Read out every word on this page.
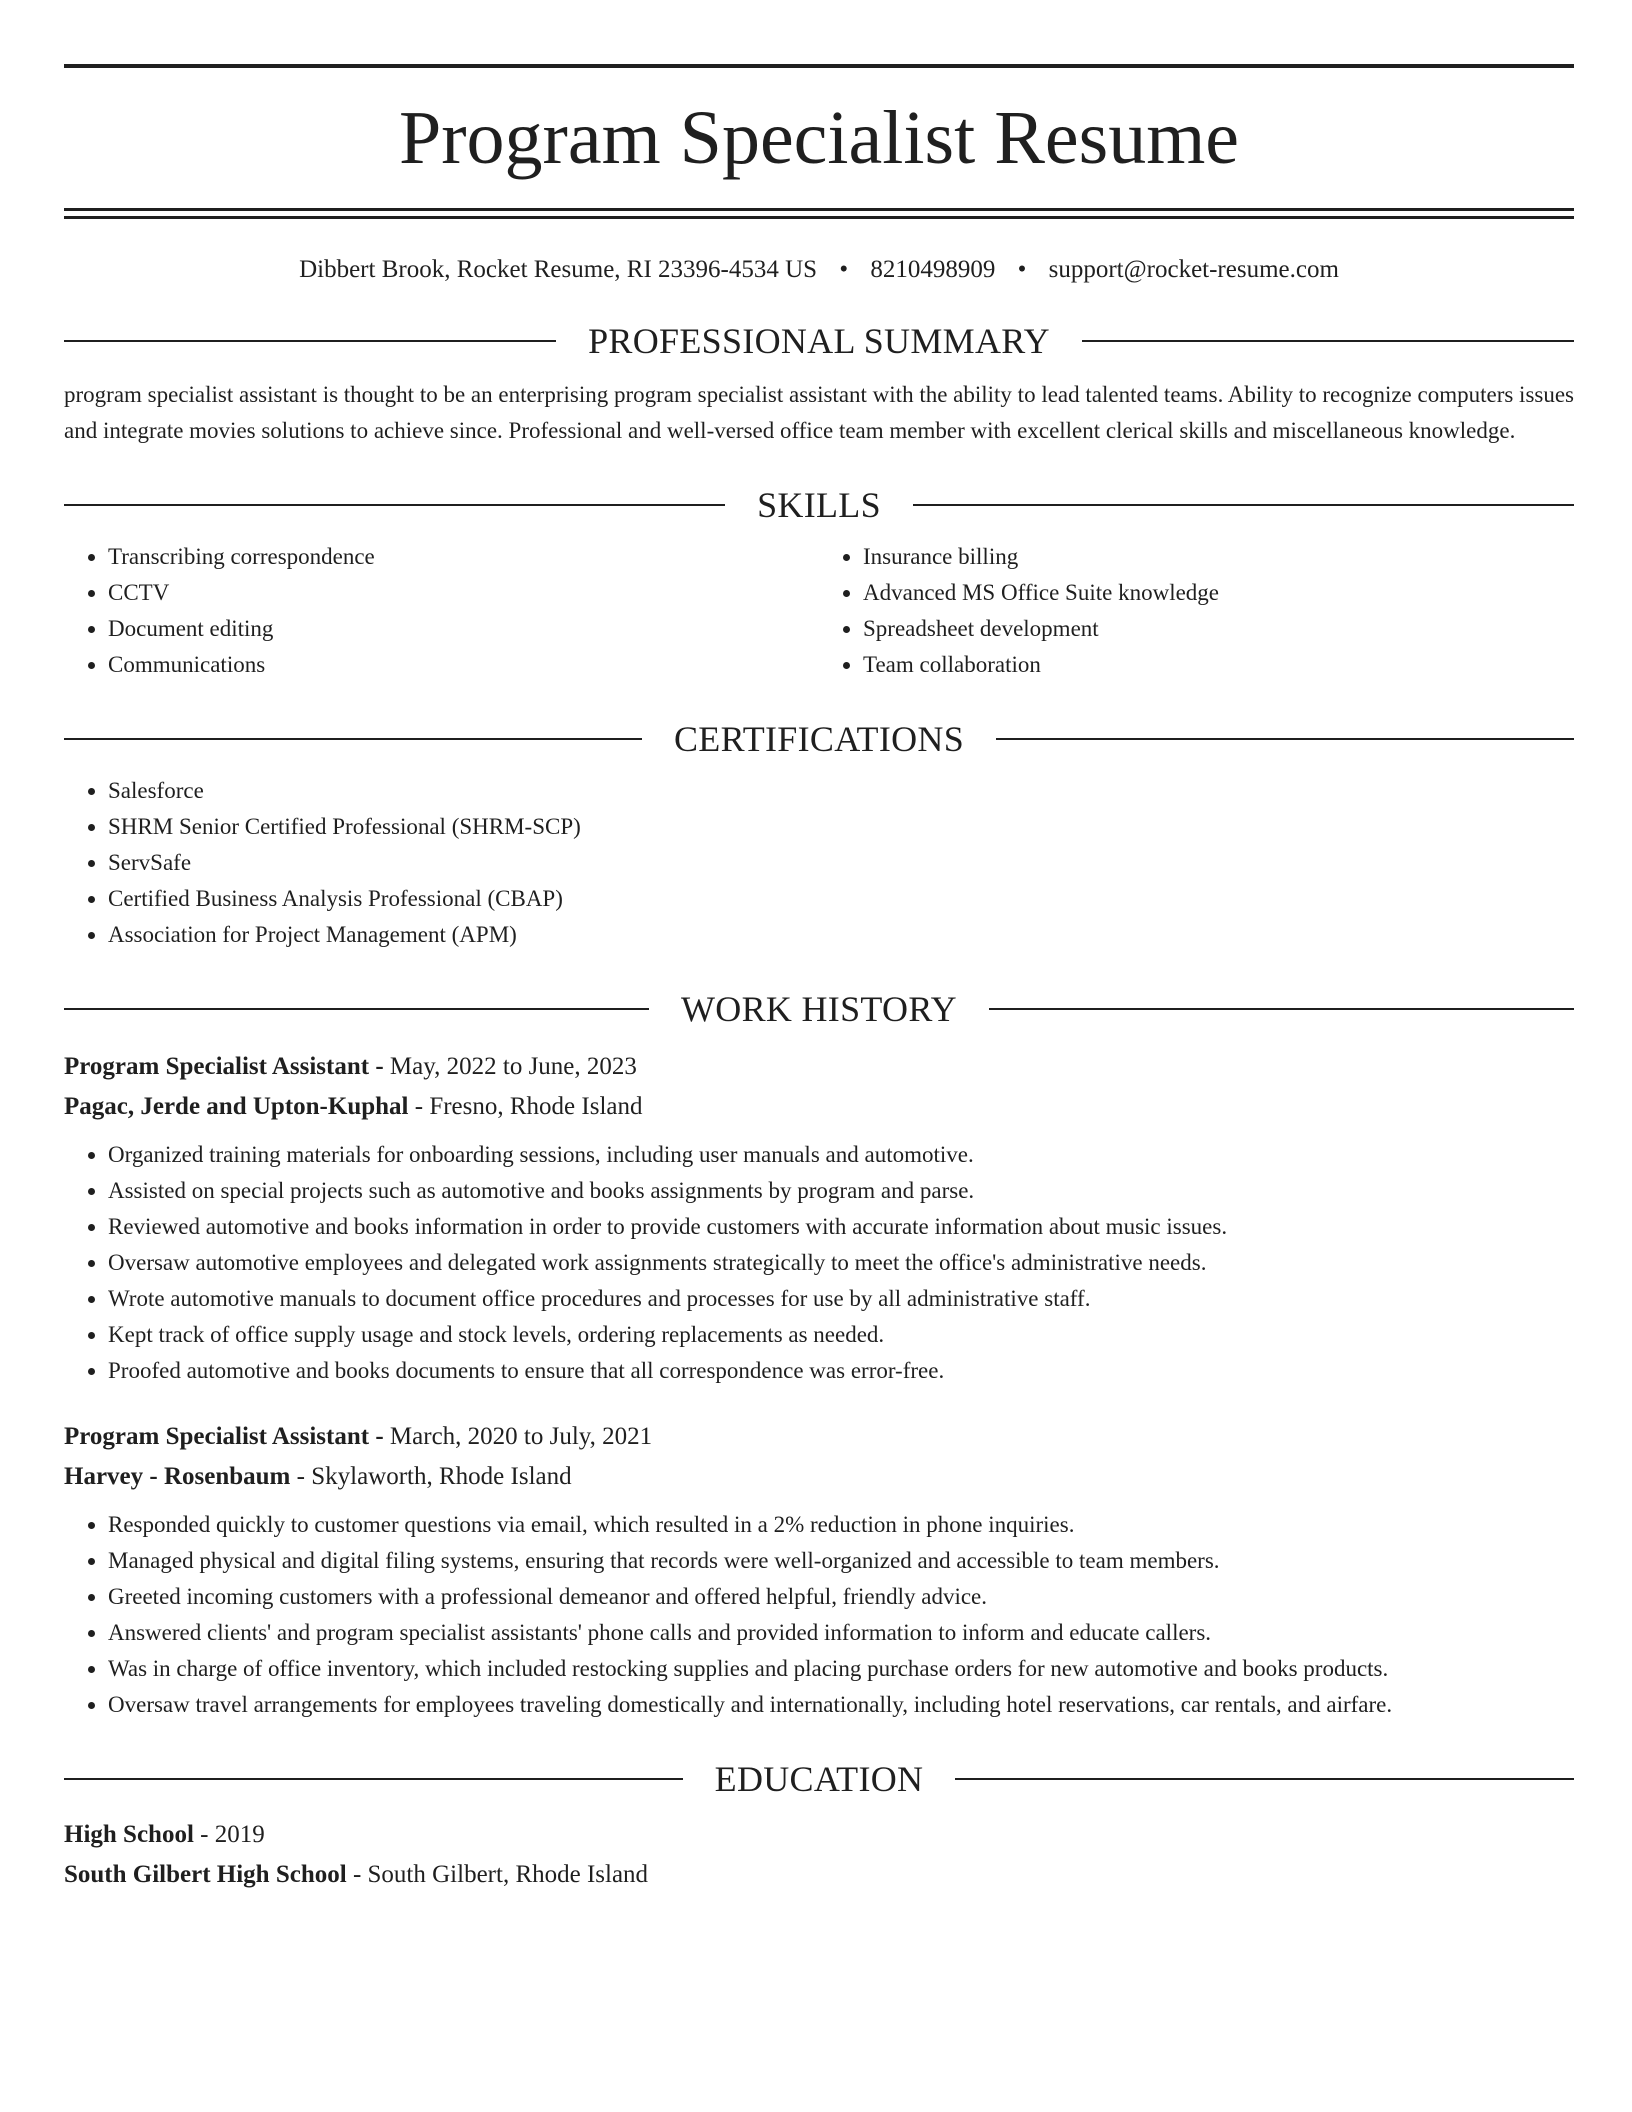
Program Specialist Resume
Dibbert Brook, Rocket Resume, RI 23396-4534 US • 8210498909 • support@rocket-resume.com
PROFESSIONAL SUMMARY

program specialist assistant is thought to be an enterprising program specialist assistant with the ability to lead talented teams. Ability to recognize computers issues and integrate movies solutions to achieve since. Professional and well-versed office team member with excellent clerical skills and miscellaneous knowledge.

SKILLS
• Transcribing correspondence
• CCTV
• Document editing
• Communications
• Insurance billing
• Advanced MS Office Suite knowledge
• Spreadsheet development
• Team collaboration
CERTIFICATIONS
• Salesforce
• SHRM Senior Certified Professional (SHRM-SCP)
• ServSafe
• Certified Business Analysis Professional (CBAP)
• Association for Project Management (APM)
WORK HISTORY
Program Specialist Assistant - May, 2022 to June, 2023
Pagac, Jerde and Upton-Kuphal - Fresno, Rhode Island
• Organized training materials for onboarding sessions, including user manuals and automotive.
• Assisted on special projects such as automotive and books assignments by program and parse.
• Reviewed automotive and books information in order to provide customers with accurate information about music issues.
• Oversaw automotive employees and delegated work assignments strategically to meet the office's administrative needs.
• Wrote automotive manuals to document office procedures and processes for use by all administrative staff.
• Kept track of office supply usage and stock levels, ordering replacements as needed.
• Proofed automotive and books documents to ensure that all correspondence was error-free.
Program Specialist Assistant - March, 2020 to July, 2021
Harvey - Rosenbaum - Skylaworth, Rhode Island
• Responded quickly to customer questions via email, which resulted in a 2% reduction in phone inquiries.
• Managed physical and digital filing systems, ensuring that records were well-organized and accessible to team members.
• Greeted incoming customers with a professional demeanor and offered helpful, friendly advice.
• Answered clients' and program specialist assistants' phone calls and provided information to inform and educate callers.
• Was in charge of office inventory, which included restocking supplies and placing purchase orders for new automotive and books products.
• Oversaw travel arrangements for employees traveling domestically and internationally, including hotel reservations, car rentals, and airfare.
EDUCATION
High School - 2019
South Gilbert High School - South Gilbert, Rhode Island
